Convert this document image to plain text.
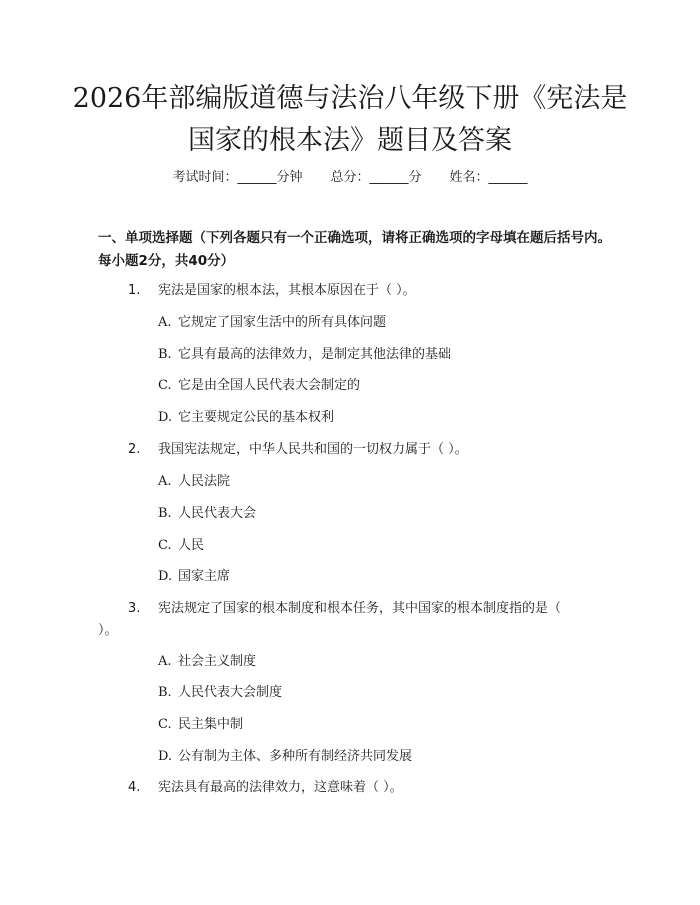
2026年部编版道德与法治八年级下册《宪法是国家的根本法》题目及答案
考试时间：______分钟 总分：______分 姓名：______
一、单项选择题（下列各题只有一个正确选项，请将正确选项的字母填在题后括号内。每小题2分，共40分）
1. 宪法是国家的根本法，其根本原因在于（ ）。
A. 它规定了国家生活中的所有具体问题
B. 它具有最高的法律效力，是制定其他法律的基础
C. 它是由全国人民代表大会制定的
D. 它主要规定公民的基本权利
2. 我国宪法规定，中华人民共和国的一切权力属于（ ）。
A. 人民法院
B. 人民代表大会
C. 人民
D. 国家主席
3. 宪法规定了国家的根本制度和根本任务，其中国家的根本制度指的是（ ）。
A. 社会主义制度
B. 人民代表大会制度
C. 民主集中制
D. 公有制为主体、多种所有制经济共同发展
4. 宪法具有最高的法律效力，这意味着（ ）。
